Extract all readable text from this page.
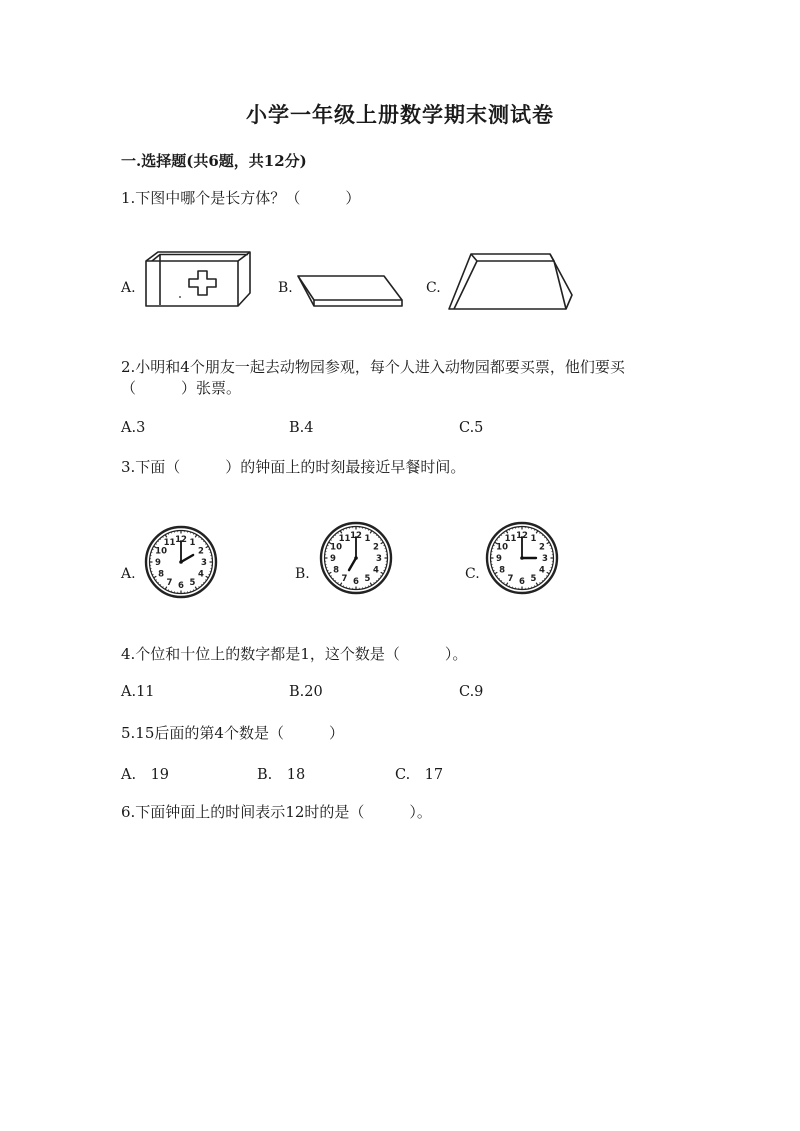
小学一年级上册数学期末测试卷
一.选择题(共6题，共12分)
1.下图中哪个是长方体？（　　　）
A.	B.	C.
2.小明和4个朋友一起去动物园参观，每个人进入动物园都要买票，他们要买
（　　　）张票。
A.3	B.4	C.5
3.下面（　　　）的钟面上的时刻最接近早餐时间。
A.
12 1
2
3
4
5
6
7
8
9
10
11
B.
12 1
2
3
4
5
6
7
8
9
10
11
C.
12 1
2
3
4
5
6
7
8
9
10
11
4.个位和十位上的数字都是1，这个数是（　　　）。
A.11	B.20	C.9
5.15后面的第4个数是（　　　）
A.　19	B.　18	C.　17
6.下面钟面上的时间表示12时的是（　　　）。
